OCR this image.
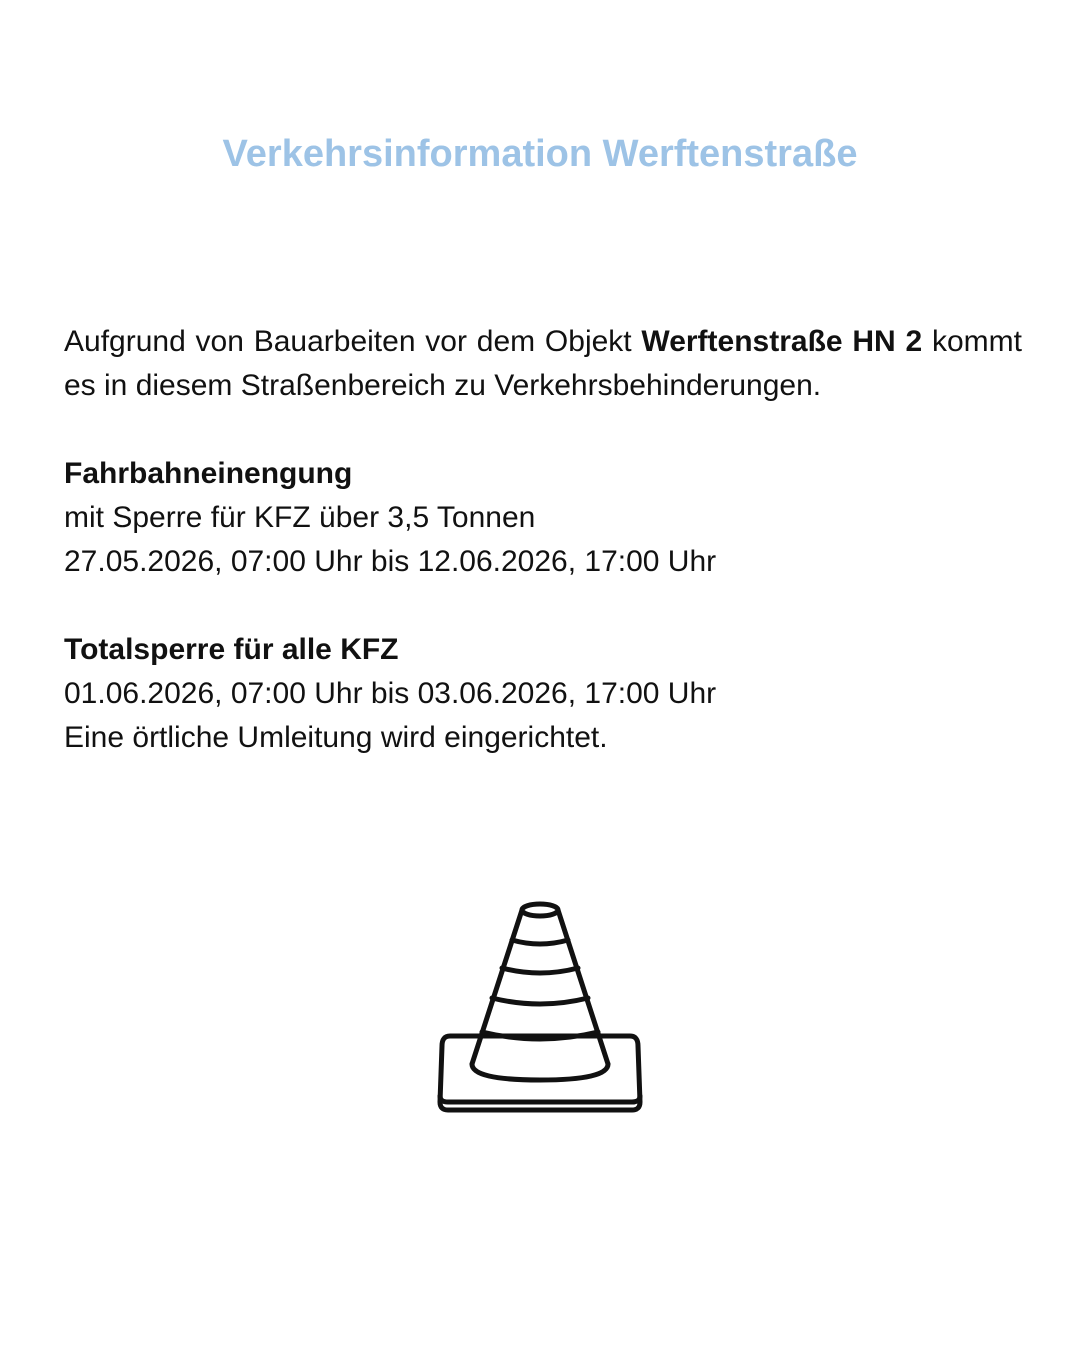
Verkehrsinformation Werftenstraße

Aufgrund von Bauarbeiten vor dem Objekt Werftenstraße HN 2 kommt es in diesem Straßenbereich zu Verkehrsbehinderungen.

Fahrbahneinengung

mit Sperre für KFZ über 3,5 Tonnen

27.05.2026, 07:00 Uhr bis 12.06.2026, 17:00 Uhr

Totalsperre für alle KFZ

01.06.2026, 07:00 Uhr bis 03.06.2026, 17:00 Uhr

Eine örtliche Umleitung wird eingerichtet.
